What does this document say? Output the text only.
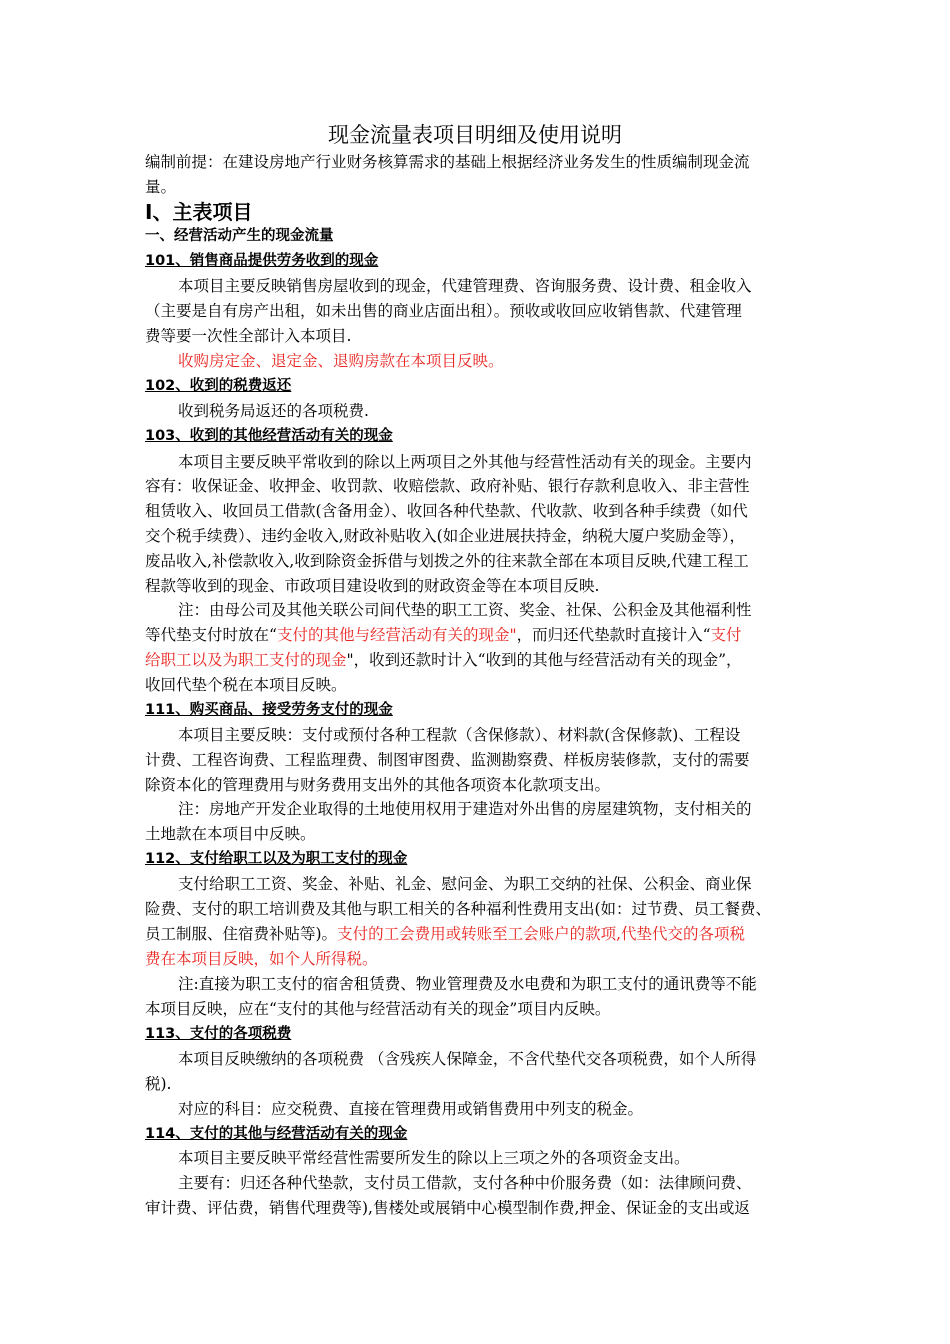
现金流量表项目明细及使用说明
编制前提：在建设房地产行业财务核算需求的基础上根据经济业务发生的性质编制现金流
量。
Ⅰ、主表项目
一、经营活动产生的现金流量
101、销售商品提供劳务收到的现金
本项目主要反映销售房屋收到的现金，代建管理费、咨询服务费、设计费、租金收入
（主要是自有房产出租，如未出售的商业店面出租）。预收或收回应收销售款、代建管理
费等要一次性全部计入本项目.
收购房定金、退定金、退购房款在本项目反映。
102、收到的税费返还
收到税务局返还的各项税费.
103、收到的其他经营活动有关的现金
本项目主要反映平常收到的除以上两项目之外其他与经营性活动有关的现金。主要内
容有：收保证金、收押金、收罚款、收赔偿款、政府补贴、银行存款利息收入、非主营性
租赁收入、收回员工借款(含备用金）、收回各种代垫款、代收款、收到各种手续费（如代
交个税手续费）、违约金收入,财政补贴收入(如企业进展扶持金，纳税大厦户奖励金等），
废品收入,补偿款收入,收到除资金拆借与划拨之外的往来款全部在本项目反映,代建工程工
程款等收到的现金、市政项目建设收到的财政资金等在本项目反映.
注：由母公司及其他关联公司间代垫的职工工资、奖金、社保、公积金及其他福利性
等代垫支付时放在“支付的其他与经营活动有关的现金"，而归还代垫款时直接计入“支付
给职工以及为职工支付的现金"，收到还款时计入“收到的其他与经营活动有关的现金”，
收回代垫个税在本项目反映。
111、购买商品、接受劳务支付的现金
本项目主要反映：支付或预付各种工程款（含保修款）、材料款(含保修款)、工程设
计费、工程咨询费、工程监理费、制图审图费、监测勘察费、样板房装修款，支付的需要
除资本化的管理费用与财务费用支出外的其他各项资本化款项支出。
注：房地产开发企业取得的土地使用权用于建造对外出售的房屋建筑物，支付相关的
土地款在本项目中反映。
112、支付给职工以及为职工支付的现金
支付给职工工资、奖金、补贴、礼金、慰问金、为职工交纳的社保、公积金、商业保
险费、支付的职工培训费及其他与职工相关的各种福利性费用支出(如：过节费、员工餐费、
员工制服、住宿费补贴等)。支付的工会费用或转账至工会账户的款项,代垫代交的各项税
费在本项目反映，如个人所得税。
注:直接为职工支付的宿舍租赁费、物业管理费及水电费和为职工支付的通讯费等不能
本项目反映，应在“支付的其他与经营活动有关的现金”项目内反映。
113、支付的各项税费
本项目反映缴纳的各项税费 （含残疾人保障金，不含代垫代交各项税费，如个人所得
税).
对应的科目：应交税费、直接在管理费用或销售费用中列支的税金。
114、支付的其他与经营活动有关的现金
本项目主要反映平常经营性需要所发生的除以上三项之外的各项资金支出。
主要有：归还各种代垫款，支付员工借款，支付各种中价服务费（如：法律顾问费、
审计费、评估费，销售代理费等),售楼处或展销中心模型制作费,押金、保证金的支出或返
